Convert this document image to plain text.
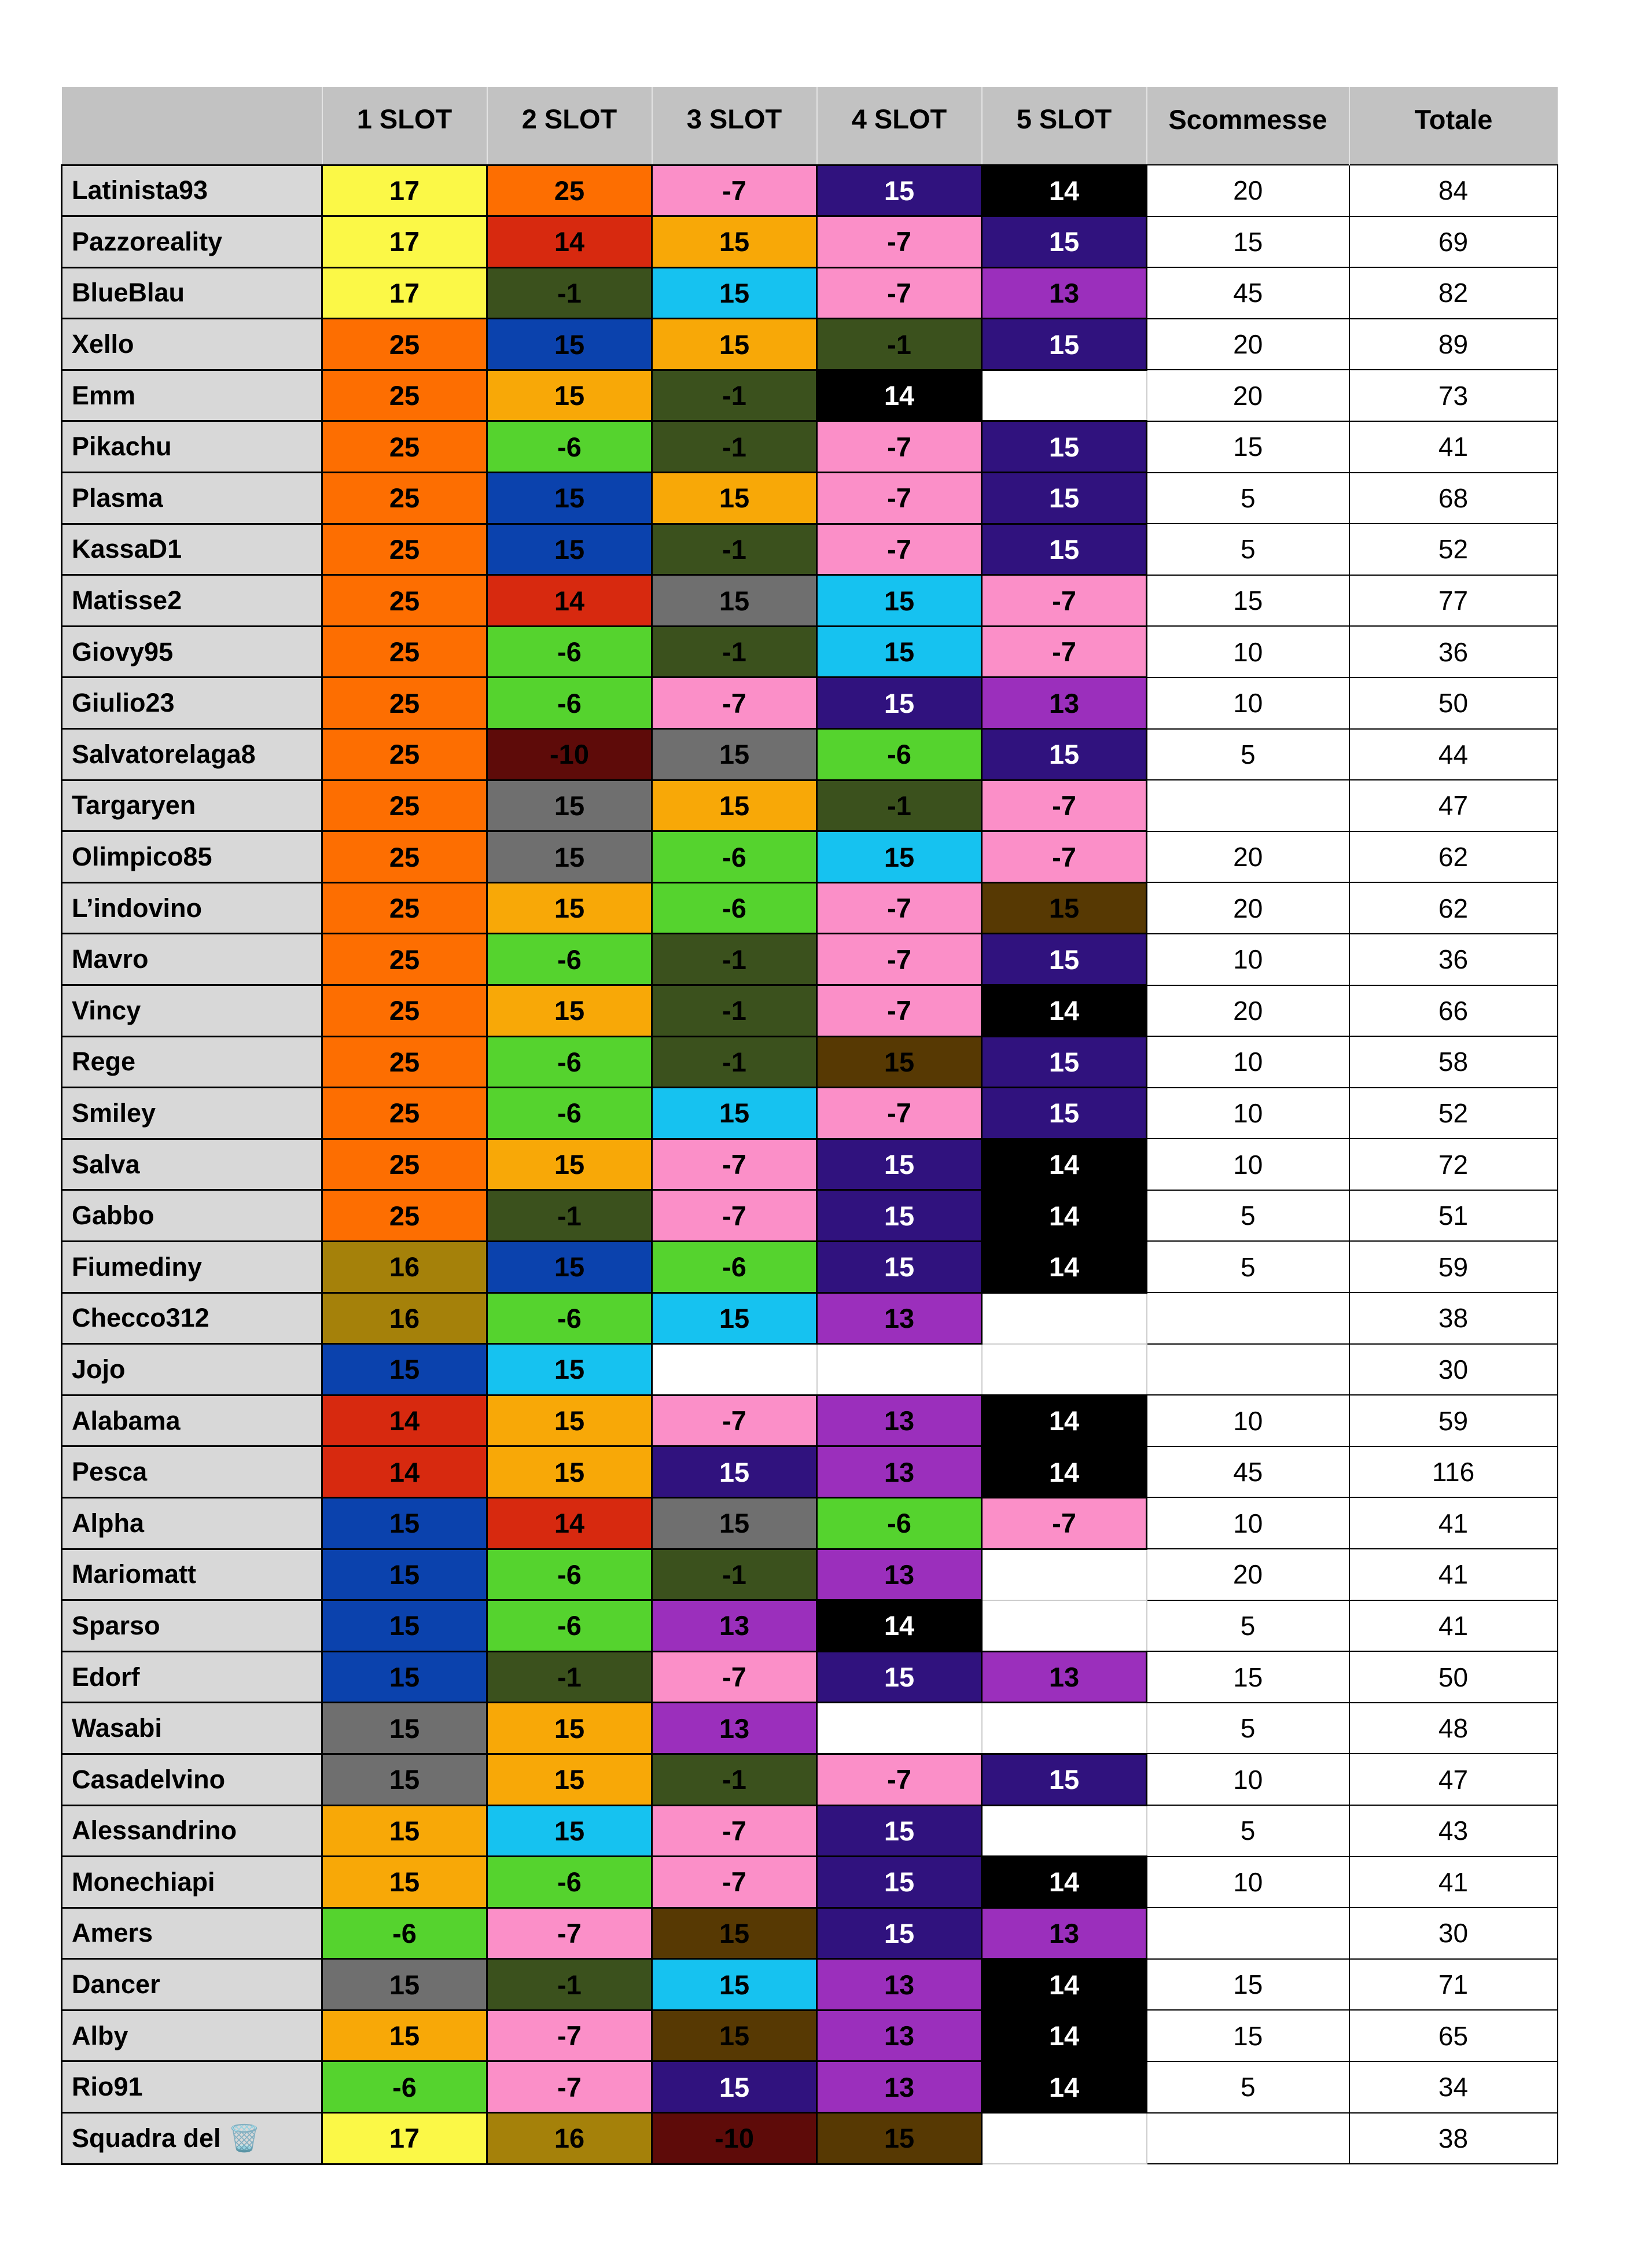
	1 SLOT	2 SLOT	3 SLOT	4 SLOT	5 SLOT	Scommesse	Totale
Latinista93	17	25	-7	15	14	20	84
Pazzoreality	17	14	15	-7	15	15	69
BlueBlau	17	-1	15	-7	13	45	82
Xello	25	15	15	-1	15	20	89
Emm	25	15	-1	14		20	73
Pikachu	25	-6	-1	-7	15	15	41
Plasma	25	15	15	-7	15	5	68
KassaD1	25	15	-1	-7	15	5	52
Matisse2	25	14	15	15	-7	15	77
Giovy95	25	-6	-1	15	-7	10	36
Giulio23	25	-6	-7	15	13	10	50
Salvatorelaga8	25	-10	15	-6	15	5	44
Targaryen	25	15	15	-1	-7		47
Olimpico85	25	15	-6	15	-7	20	62
L’indovino	25	15	-6	-7	15	20	62
Mavro	25	-6	-1	-7	15	10	36
Vincy	25	15	-1	-7	14	20	66
Rege	25	-6	-1	15	15	10	58
Smiley	25	-6	15	-7	15	10	52
Salva	25	15	-7	15	14	10	72
Gabbo	25	-1	-7	15	14	5	51
Fiumediny	16	15	-6	15	14	5	59
Checco312	16	-6	15	13			38
Jojo	15	15					30
Alabama	14	15	-7	13	14	10	59
Pesca	14	15	15	13	14	45	116
Alpha	15	14	15	-6	-7	10	41
Mariomatt	15	-6	-1	13		20	41
Sparso	15	-6	13	14		5	41
Edorf	15	-1	-7	15	13	15	50
Wasabi	15	15	13			5	48
Casadelvino	15	15	-1	-7	15	10	47
Alessandrino	15	15	-7	15		5	43
Monechiapi	15	-6	-7	15	14	10	41
Amers	-6	-7	15	15	13		30
Dancer	15	-1	15	13	14	15	71
Alby	15	-7	15	13	14	15	65
Rio91	-6	-7	15	13	14	5	34
Squadra del 🗑️	17	16	-10	15			38
